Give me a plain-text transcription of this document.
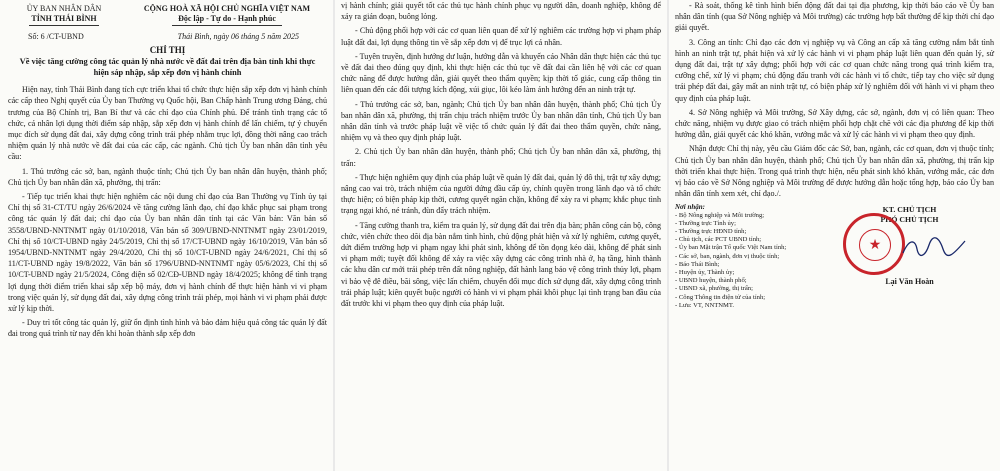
ỦY BAN NHÂN DÂN
TỈNH THÁI BÌNH
CỘNG HOÀ XÃ HỘI CHỦ NGHĨA VIỆT NAM
Độc lập - Tự do - Hạnh phúc
Số: 6 /CT-UBND	Thái Bình, ngày 06 tháng 5 năm 2025
CHỈ THỊ
Về việc tăng cường công tác quản lý nhà nước về đất đai trên địa bàn tỉnh khi thực hiện sáp nhập, sắp xếp đơn vị hành chính

Hiện nay, tỉnh Thái Bình đang tích cực triển khai tổ chức thực hiện sắp xếp đơn vị hành chính các cấp theo Nghị quyết của Ủy ban Thường vụ Quốc hội, Ban Chấp hành Trung ương Đảng, chủ trương của Bộ Chính trị, Ban Bí thư và các chỉ đạo của Chính phủ. Để tránh tình trạng các tổ chức, cá nhân lợi dụng thời điểm sáp nhập, sắp xếp đơn vị hành chính để lấn chiếm, tự ý chuyển mục đích sử dụng đất đai, xây dựng công trình trái phép nhằm trục lợi, đồng thời nâng cao trách nhiệm quản lý nhà nước về đất đai của các cấp, các ngành. Chủ tịch Ủy ban nhân dân tỉnh yêu cầu:

1. Thủ trưởng các sở, ban, ngành thuộc tỉnh; Chủ tịch Ủy ban nhân dân huyện, thành phố; Chủ tịch Ủy ban nhân dân xã, phường, thị trấn:

- Tiếp tục triển khai thực hiện nghiêm các nội dung chỉ đạo của Ban Thường vụ Tỉnh ủy tại Chỉ thị số 31-CT/TU ngày 26/6/2024 về tăng cường lãnh đạo, chỉ đạo khắc phục sai phạm trong công tác quản lý đất đai; chỉ đạo của Ủy ban nhân dân tỉnh tại các Văn bản: Văn bản số 3558/UBND-NNTNMT ngày 01/10/2018, Văn bản số 309/UBND-NNTNMT ngày 23/01/2019, Chỉ thị số 10/CT-UBND ngày 24/5/2019, Chỉ thị số 17/CT-UBND ngày 16/10/2019, Văn bản số 1954/UBND-NNTNMT ngày 29/4/2020, Chỉ thị số 10/CT-UBND ngày 24/6/2021, Chỉ thị số 11/CT-UBND ngày 19/8/2022, Văn bản số 1796/UBND-NNTNMT ngày 05/6/2023, Chỉ thị số 10/CT-UBND ngày 21/5/2024, Công điện số 02/CĐ-UBND ngày 18/4/2025; không để tình trạng lợi dụng thời điểm triển khai sắp xếp bộ máy, đơn vị hành chính để thực hiện hành vi vi phạm trong việc quản lý, sử dụng đất đai, xây dựng công trình trái phép, mọi hành vi vi phạm phải được xử lý kịp thời.

- Duy trì tốt công tác quản lý, giữ ổn định tình hình và bảo đảm hiệu quả công tác quản lý đất đai trong quá trình từ nay đến khi hoàn thành sắp xếp đơn

vị hành chính; giải quyết tốt các thủ tục hành chính phục vụ người dân, doanh nghiệp, không để xảy ra gián đoạn, buông lỏng.

- Chủ động phối hợp với các cơ quan liên quan để xử lý nghiêm các trường hợp vi phạm pháp luật đất đai, lợi dụng thông tin về sắp xếp đơn vị để trục lợi cá nhân.

- Tuyên truyền, định hướng dư luận, hướng dẫn và khuyến cáo Nhân dân thực hiện các thủ tục về đất đai theo đúng quy định, khi thực hiện các thủ tục về đất đai cần liên hệ với các cơ quan chức năng để được hướng dẫn, giải quyết theo thẩm quyền; kịp thời tố giác, cung cấp thông tin liên quan đến các đối tượng kích động, xúi giục, lôi kéo làm ảnh hưởng đến an ninh trật tự.

- Thủ trưởng các sở, ban, ngành; Chủ tịch Ủy ban nhân dân huyện, thành phố; Chủ tịch Ủy ban nhân dân xã, phường, thị trấn chịu trách nhiệm trước Ủy ban nhân dân tỉnh, Chủ tịch Ủy ban nhân dân tỉnh và trước pháp luật về việc tổ chức quản lý đất đai theo thẩm quyền, chức năng, nhiệm vụ và theo quy định pháp luật.

2. Chủ tịch Ủy ban nhân dân huyện, thành phố; Chủ tịch Ủy ban nhân dân xã, phường, thị trấn:

- Thực hiện nghiêm quy định của pháp luật về quản lý đất đai, quản lý đô thị, trật tự xây dựng; nâng cao vai trò, trách nhiệm của người đứng đầu cấp ủy, chính quyền trong lãnh đạo và tổ chức thực hiện; có biện pháp kịp thời, cương quyết ngăn chặn, không để xảy ra vi phạm; khắc phục tình trạng ngại khó, né tránh, đùn đẩy trách nhiệm.

- Tăng cường thanh tra, kiểm tra quản lý, sử dụng đất đai trên địa bàn; phân công cán bộ, công chức, viên chức theo dõi địa bàn nắm tình hình, chủ động phát hiện và xử lý nghiêm, cương quyết, dứt điểm trường hợp vi phạm ngay khi phát sinh, không để tồn đọng kéo dài, không để phát sinh vi phạm mới; tuyệt đối không để xảy ra việc xây dựng các công trình nhà ở, hạ tầng, hình thành các khu dân cư mới trái phép trên đất nông nghiệp, đất hành lang bảo vệ công trình thủy lợi, phạm vi bảo vệ đê điều, bãi sông, việc lấn chiếm, chuyển đổi mục đích sử dụng đất, xây dựng công trình trái pháp luật; kiên quyết buộc người có hành vi vi phạm phải khôi phục lại tình trạng ban đầu của đất trước khi vi phạm theo quy định của pháp luật.

- Rà soát, thống kê tình hình biến động đất đai tại địa phương, kịp thời báo cáo về Ủy ban nhân dân tỉnh (qua Sở Nông nghiệp và Môi trường) các trường hợp bất thường để kịp thời chỉ đạo giải quyết.

3. Công an tỉnh: Chỉ đạo các đơn vị nghiệp vụ và Công an cấp xã tăng cường nắm bắt tình hình an ninh trật tự, phát hiện và xử lý các hành vi vi phạm pháp luật liên quan đến quản lý, sử dụng đất đai, trật tự xây dựng; phối hợp với các cơ quan chức năng trong quá trình kiểm tra, cưỡng chế, xử lý vi phạm; chủ động đấu tranh với các hành vi tổ chức, tiếp tay cho việc sử dụng trái phép đất đai, gây mất an ninh trật tự, có biện pháp xử lý nghiêm đối với hành vi vi phạm theo quy định của pháp luật.

4. Sở Nông nghiệp và Môi trường, Sở Xây dựng, các sở, ngành, đơn vị có liên quan: Theo chức năng, nhiệm vụ được giao có trách nhiệm phối hợp chặt chẽ với các địa phương để kịp thời hướng dẫn, giải quyết các khó khăn, vướng mắc và xử lý các hành vi vi phạm theo quy định.

Nhận được Chỉ thị này, yêu cầu Giám đốc các Sở, ban, ngành, các cơ quan, đơn vị thuộc tỉnh; Chủ tịch Ủy ban nhân dân huyện, thành phố; Chủ tịch Ủy ban nhân dân xã, phường, thị trấn kịp thời triển khai thực hiện. Trong quá trình thực hiện, nếu phát sinh khó khăn, vướng mắc, các đơn vị báo cáo về Sở Nông nghiệp và Môi trường để được hướng dẫn hoặc tổng hợp, báo cáo Ủy ban nhân dân tỉnh xem xét, chỉ đạo./.

Nơi nhận:
- Bộ Nông nghiệp và Môi trường;
- Thường trực Tỉnh ủy;
- Thường trực HĐND tỉnh;
- Chủ tịch, các PCT UBND tỉnh;
- Ủy ban Mặt trận Tổ quốc Việt Nam tỉnh;
- Các sở, ban, ngành, đơn vị thuộc tỉnh;
- Báo Thái Bình;
- Huyện ủy, Thành ủy;
- UBND huyện, thành phố;
- UBND xã, phường, thị trấn;
- Công Thông tin điện tử của tỉnh;
- Lưu: VT, NNTNMT.
KT. CHỦ TỊCH
PHÓ CHỦ TỊCH
★
Lại Văn Hoàn
